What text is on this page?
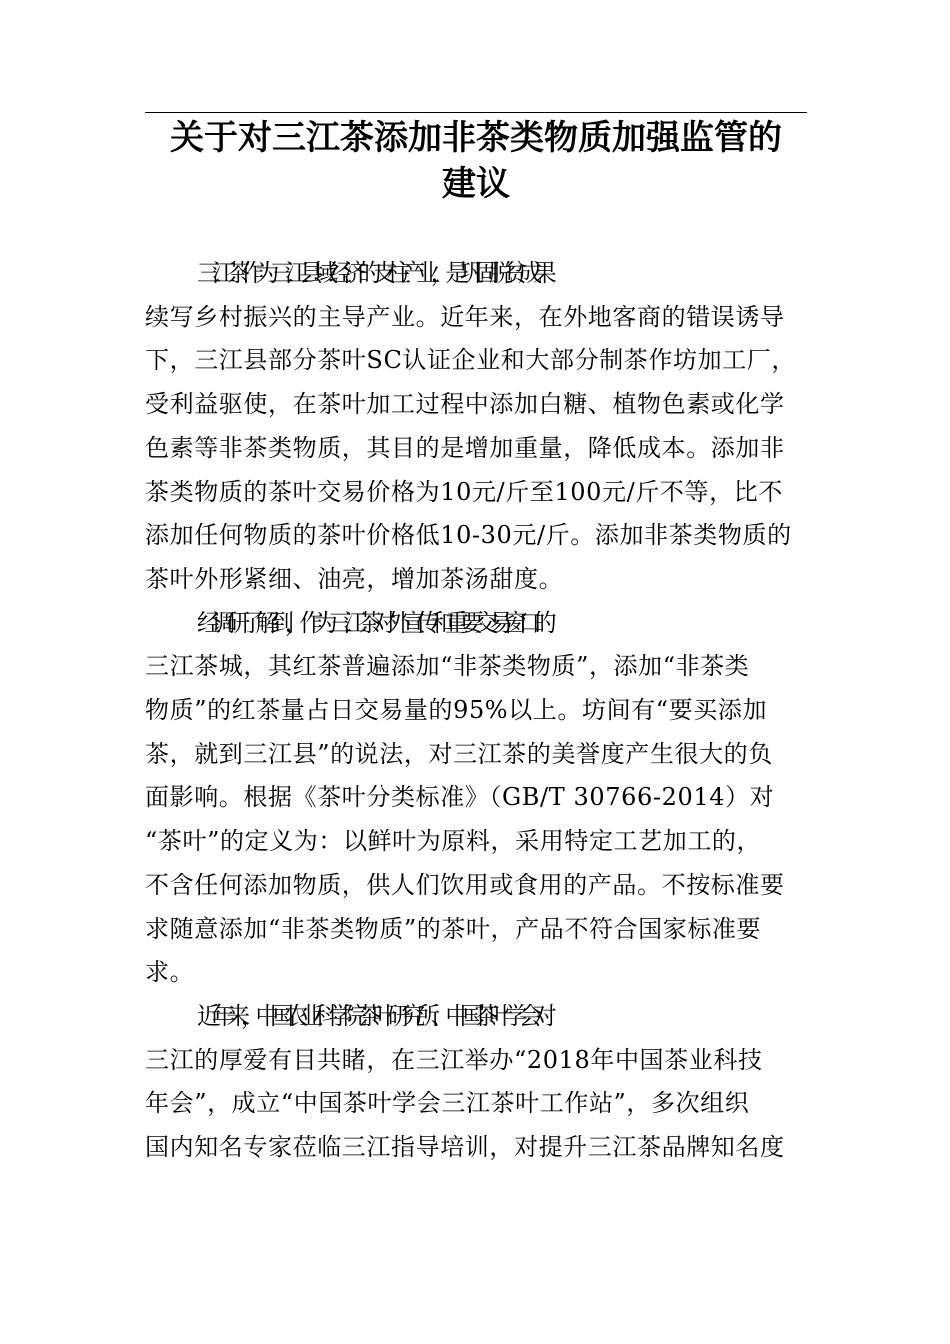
关于对三江茶添加非茶类物质加强监管的
建议

三江茶作为三江县域经济的支柱产业，是巩固脱贫成果
续写乡村振兴的主导产业。近年来，在外地客商的错误诱导
下，三江县部分茶叶SC认证企业和大部分制茶作坊加工厂，
受利益驱使，在茶叶加工过程中添加白糖、植物色素或化学
色素等非茶类物质，其目的是增加重量，降低成本。添加非
茶类物质的茶叶交易价格为10元/斤至100元/斤不等，比不
添加任何物质的茶叶价格低10-30元/斤。添加非茶类物质的
茶叶外形紧细、油亮，增加茶汤甜度。

经调研了解到，作为三江茶对外宣传和重要交易窗口的
三江茶城，其红茶普遍添加“非茶类物质”，添加“非茶类
物质”的红茶量占日交易量的95%以上。坊间有“要买添加
茶，就到三江县”的说法，对三江茶的美誉度产生很大的负
面影响。根据《茶叶分类标准》（GB/T 30766-2014）对
“茶叶”的定义为：以鲜叶为原料，采用特定工艺加工的，
不含任何添加物质，供人们饮用或食用的产品。不按标准要
求随意添加“非茶类物质”的茶叶，产品不符合国家标准要
求。

近年来，中国农业科学院茶叶研究所、中国茶叶学会对
三江的厚爱有目共睹，在三江举办“2018年中国茶业科技
年会”，成立“中国茶叶学会三江茶叶工作站”，多次组织
国内知名专家莅临三江指导培训，对提升三江茶品牌知名度
